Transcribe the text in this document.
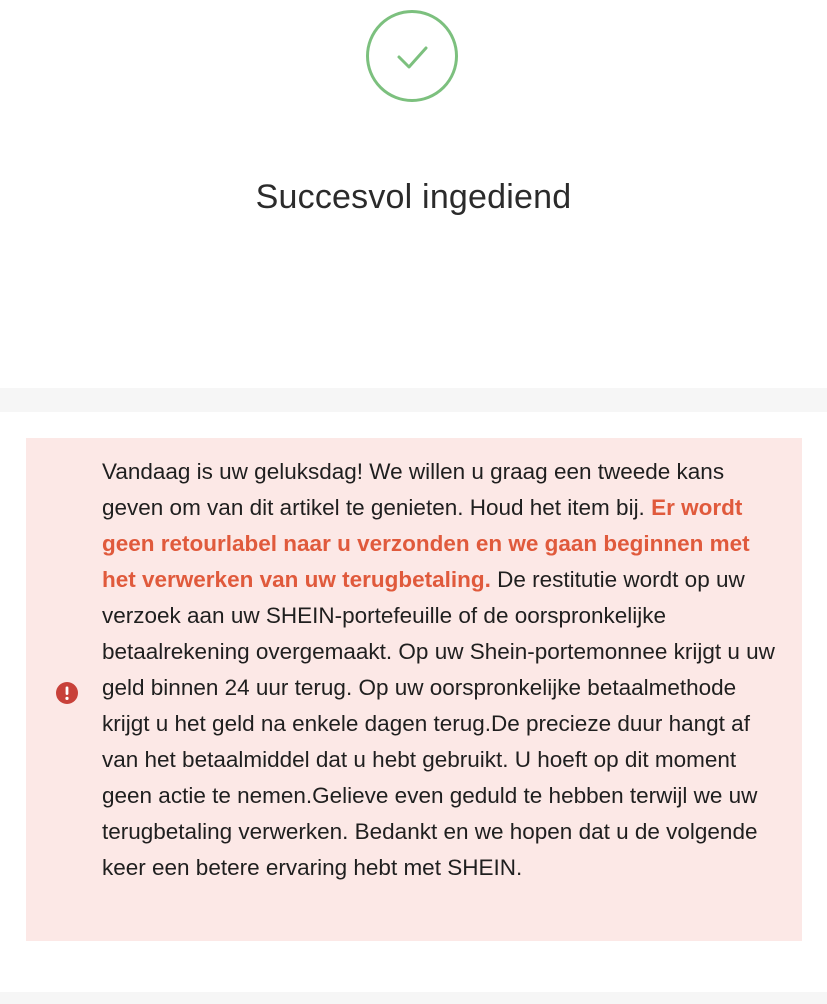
Succesvol ingediend
Vandaag is uw geluksdag! We willen u graag een tweede kans geven om van dit artikel te genieten. Houd het item bij. Er wordt geen retourlabel naar u verzonden en we gaan beginnen met het verwerken van uw terugbetaling. De restitutie wordt op uw verzoek aan uw SHEIN-portefeuille of de oorspronkelijke betaalrekening overgemaakt. Op uw Shein-portemonnee krijgt u uw geld binnen 24 uur terug. Op uw oorspronkelijke betaalmethode krijgt u het geld na enkele dagen terug.De precieze duur hangt af van het betaalmiddel dat u hebt gebruikt. U hoeft op dit moment geen actie te nemen.Gelieve even geduld te hebben terwijl we uw terugbetaling verwerken. Bedankt en we hopen dat u de volgende keer een betere ervaring hebt met SHEIN.
